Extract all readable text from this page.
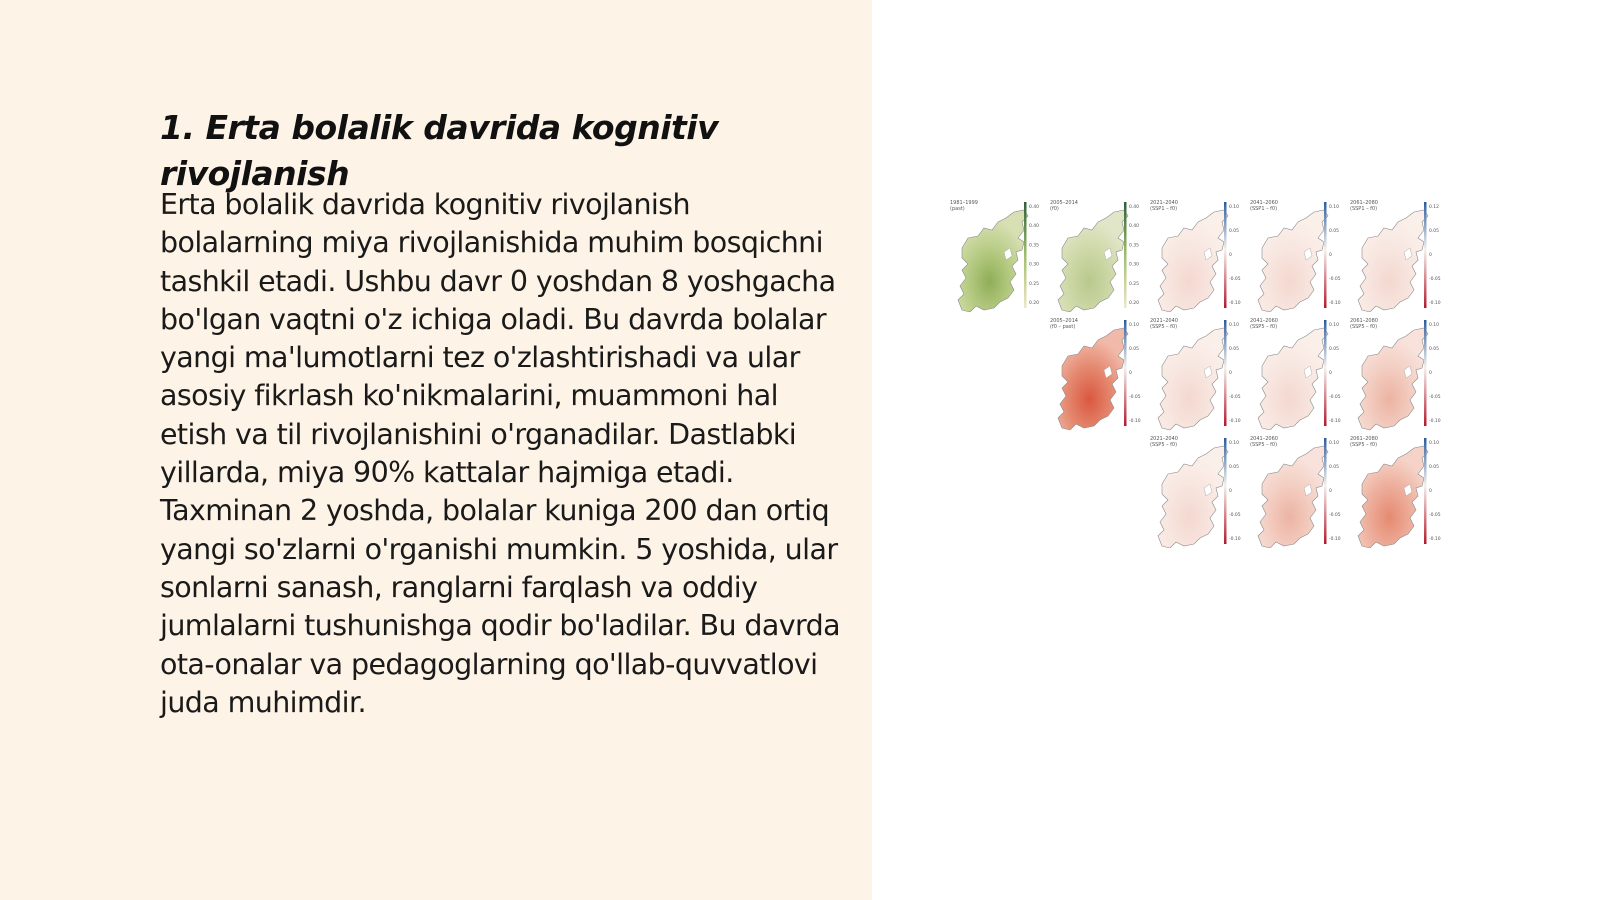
1. Erta bolalik davrida kognitiv rivojlanish

Erta bolalik davrida kognitiv rivojlanish bolalarning miya rivojlanishida muhim bosqichni tashkil etadi. Ushbu davr 0 yoshdan 8 yoshgacha bo'lgan vaqtni o'z ichiga oladi. Bu davrda bolalar yangi ma'lumotlarni tez o'zlashtirishadi va ular asosiy fikrlash ko'nikmalarini, muammoni hal etish va til rivojlanishini o'rganadilar. Dastlabki yillarda, miya 90% kattalar hajmiga etadi. Taxminan 2 yoshda, bolalar kuniga 200 dan ortiq yangi so'zlarni o'rganishi mumkin. 5 yoshida, ular sonlarni sanash, ranglarni farqlash va oddiy jumlalarni tushunishga qodir bo'ladilar. Bu davrda ota-onalar va pedagoglarning qo'llab-quvvatlovi juda muhimdir.

0.40
0.40
0.35
0.30
0.25
0.20
1981–1999
(past)	0.40
0.40
0.35
0.30
0.25
0.20
2005–2014
(f0)	0.10
0.05
0
-0.05
-0.10
2021–2040
(SSP1 – f0)	0.10
0.05
0
-0.05
-0.10
2041–2060
(SSP1 – f0)	0.12
0.05
0
-0.05
-0.10
2061–2080
(SSP1 – f0)
0.10
0.05
0
-0.05
-0.10
2005–2014
(f0 – past)	0.10
0.05
0
-0.05
-0.10
2021–2040
(SSP5 – f0)	0.10
0.05
0
-0.05
-0.10
2041–2060
(SSP5 – f0)	0.10
0.05
0
-0.05
-0.10
2061–2080
(SSP5 – f0)
0.10
0.05
0
-0.05
-0.10
2021–2040
(SSP5 – f0)	0.10
0.05
0
-0.05
-0.10
2041–2060
(SSP5 – f0)	0.10
0.05
0
-0.05
-0.10
2061–2080
(SSP5 – f0)
